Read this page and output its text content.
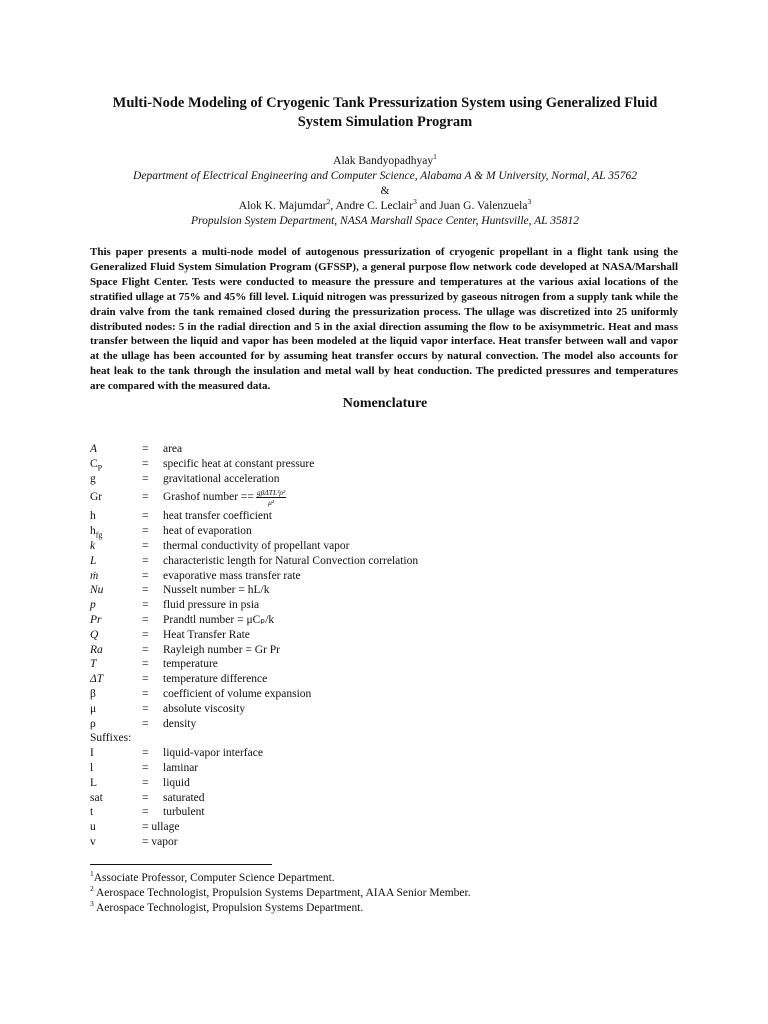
Multi-Node Modeling of Cryogenic Tank Pressurization System using Generalized Fluid System Simulation Program
Alak Bandyopadhyay$^1$
Department of Electrical Engineering and Computer Science, Alabama A & M University, Normal, AL 35762
&
Alok K. Majumdar$^2$, Andre C. Leclair$^3$ and Juan G. Valenzuela$^3$
Propulsion System Department, NASA Marshall Space Center, Huntsville, AL 35812
This paper presents a multi-node model of autogenous pressurization of cryogenic propellant in a flight tank using the Generalized Fluid System Simulation Program (GFSSP), a general purpose flow network code developed at NASA/Marshall Space Flight Center. Tests were conducted to measure the pressure and temperatures at the various axial locations of the stratified ullage at 75% and 45% fill level. Liquid nitrogen was pressurized by gaseous nitrogen from a supply tank while the drain valve from the tank remained closed during the pressurization process. The ullage was discretized into 25 uniformly distributed nodes: 5 in the radial direction and 5 in the axial direction assuming the flow to be axisymmetric. Heat and mass transfer between the liquid and vapor has been modeled at the liquid vapor interface. Heat transfer between wall and vapor at the ullage has been accounted for by assuming heat transfer occurs by natural convection. The model also accounts for heat leak to the tank through the insulation and metal wall by heat conduction. The predicted pressures and temperatures are compared with the measured data.
Nomenclature
A	= area
$C_P$	= specific heat at constant pressure
g	= gravitational acceleration
Gr	= Grashof number == $\frac{\text{gβΔTL³ρ²}}{\text{μ²}}$
h	= heat transfer coefficient
$h_{fg}$	= heat of evaporation
k	= thermal conductivity of propellant vapor
L	= characteristic length for Natural Convection correlation
ṁ	= evaporative mass transfer rate
Nu	= Nusselt number = hL/k
p	= fluid pressure in psia
Pr	= Prandtl number = μCₚ/k
Q	= Heat Transfer Rate
Ra	= Rayleigh number = Gr Pr
T	= temperature
ΔT	= temperature difference
β	= coefficient of volume expansion
μ	= absolute viscosity
ρ	= density
Suffixes:
I	= liquid-vapor interface
l	= laminar
L	= liquid
sat	= saturated
t	= turbulent
u	= ullage
v	= vapor
$^1$Associate Professor, Computer Science Department.
$^2$ Aerospace Technologist, Propulsion Systems Department, AIAA Senior Member.
$^3$ Aerospace Technologist, Propulsion Systems Department.
